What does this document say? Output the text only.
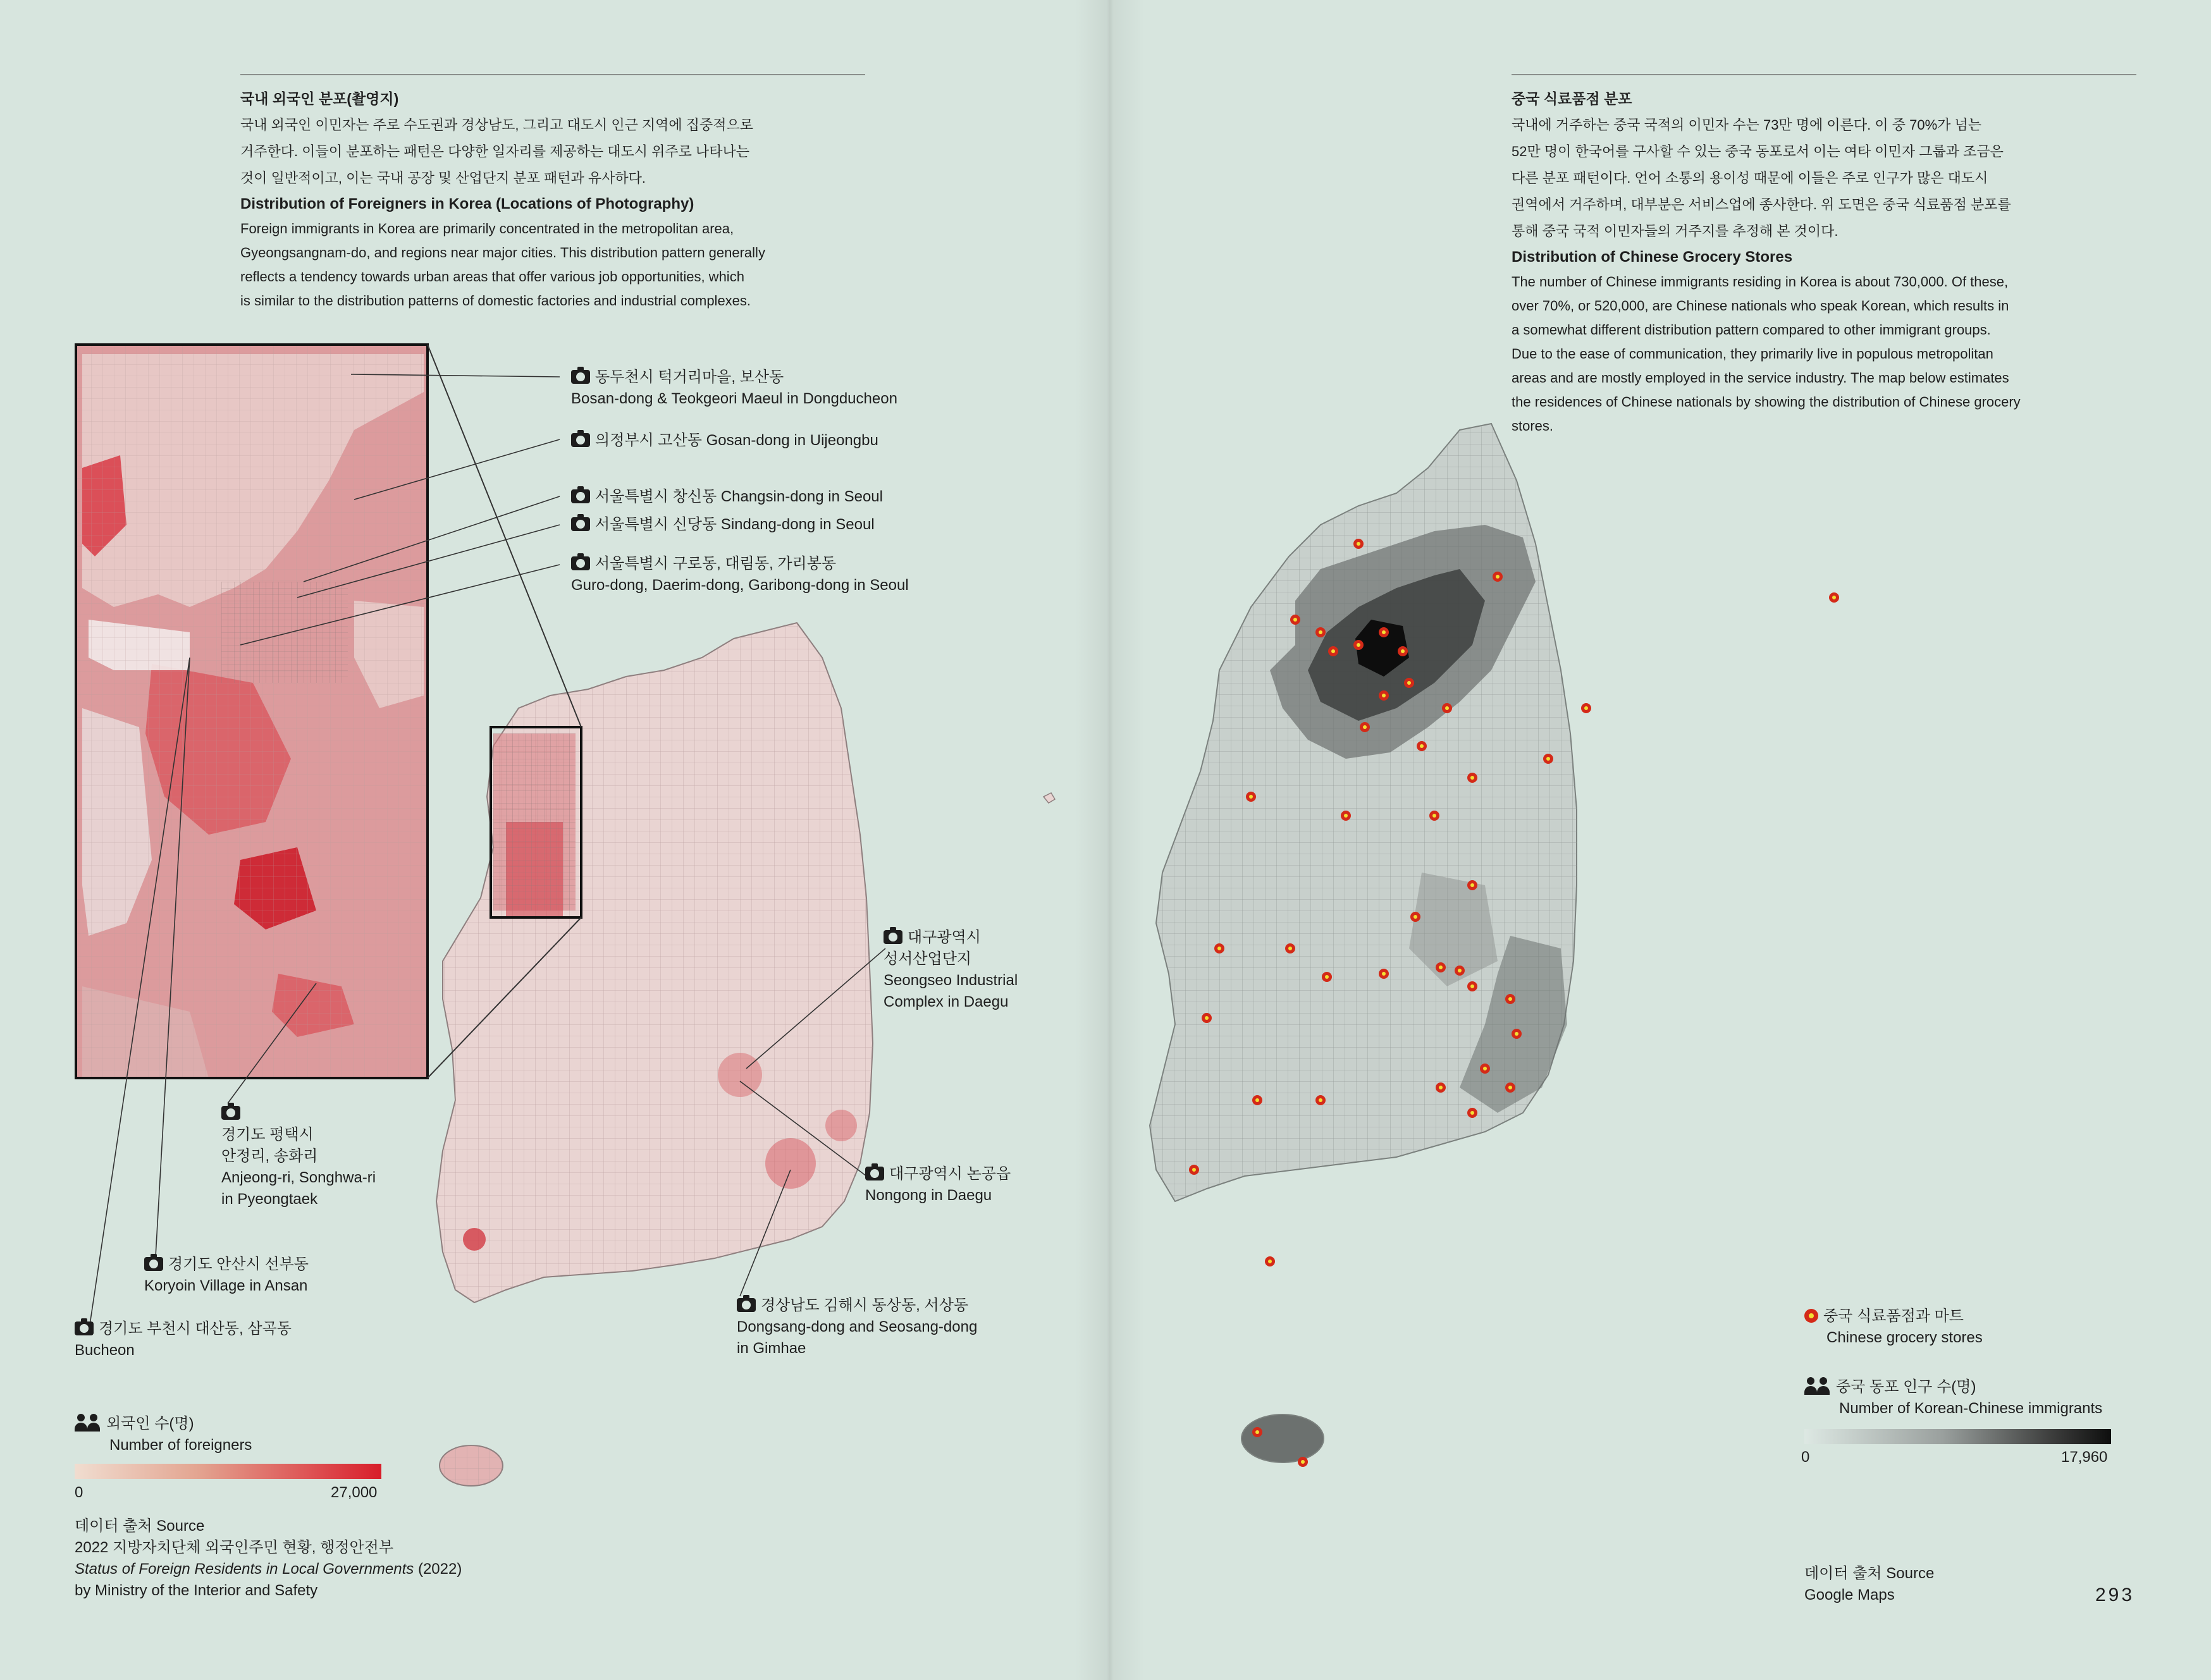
국내 외국인 분포(촬영지)
국내 외국인 이민자는 주로 수도권과 경상남도, 그리고 대도시 인근 지역에 집중적으로
거주한다. 이들이 분포하는 패턴은 다양한 일자리를 제공하는 대도시 위주로 나타나는
것이 일반적이고, 이는 국내 공장 및 산업단지 분포 패턴과 유사하다.
Distribution of Foreigners in Korea (Locations of Photography)
Foreign immigrants in Korea are primarily concentrated in the metropolitan area,
Gyeongsangnam-do, and regions near major cities. This distribution pattern generally
reflects a tendency towards urban areas that offer various job opportunities, which
is similar to the distribution patterns of domestic factories and industrial complexes.
동두천시 턱거리마을, 보산동
Bosan-dong & Teokgeori Maeul in Dongducheon
의정부시 고산동 Gosan-dong in Uijeongbu
서울특별시 창신동 Changsin-dong in Seoul
서울특별시 신당동 Sindang-dong in Seoul
서울특별시 구로동, 대림동, 가리봉동
Guro-dong, Daerim-dong, Garibong-dong in Seoul
대구광역시
성서산업단지
Seongseo Industrial
Complex in Daegu
경기도 평택시
안정리, 송화리
Anjeong-ri, Songhwa-ri
in Pyeongtaek
대구광역시 논공읍
Nongong in Daegu
경기도 안산시 선부동
Koryoin Village in Ansan
경상남도 김해시 동상동, 서상동
Dongsang-dong and Seosang-dong
in Gimhae
경기도 부천시 대산동, 삼곡동
Bucheon
외국인 수(명)
Number of foreigners
0	27,000
데이터 출처 Source
2022 지방자치단체 외국인주민 현황, 행정안전부
Status of Foreign Residents in Local Governments (2022)
by Ministry of the Interior and Safety
중국 식료품점 분포
국내에 거주하는 중국 국적의 이민자 수는 73만 명에 이른다. 이 중 70%가 넘는
52만 명이 한국어를 구사할 수 있는 중국 동포로서 이는 여타 이민자 그룹과 조금은
다른 분포 패턴이다. 언어 소통의 용이성 때문에 이들은 주로 인구가 많은 대도시
권역에서 거주하며, 대부분은 서비스업에 종사한다. 위 도면은 중국 식료품점 분포를
통해 중국 국적 이민자들의 거주지를 추정해 본 것이다.
Distribution of Chinese Grocery Stores
The number of Chinese immigrants residing in Korea is about 730,000. Of these,
over 70%, or 520,000, are Chinese nationals who speak Korean, which results in
a somewhat different distribution pattern compared to other immigrant groups.
Due to the ease of communication, they primarily live in populous metropolitan
areas and are mostly employed in the service industry. The map below estimates
the residences of Chinese nationals by showing the distribution of Chinese grocery
stores.
중국 식료품점과 마트
Chinese grocery stores
중국 동포 인구 수(명)
Number of Korean-Chinese immigrants
0	17,960
데이터 출처 Source
Google Maps	293
